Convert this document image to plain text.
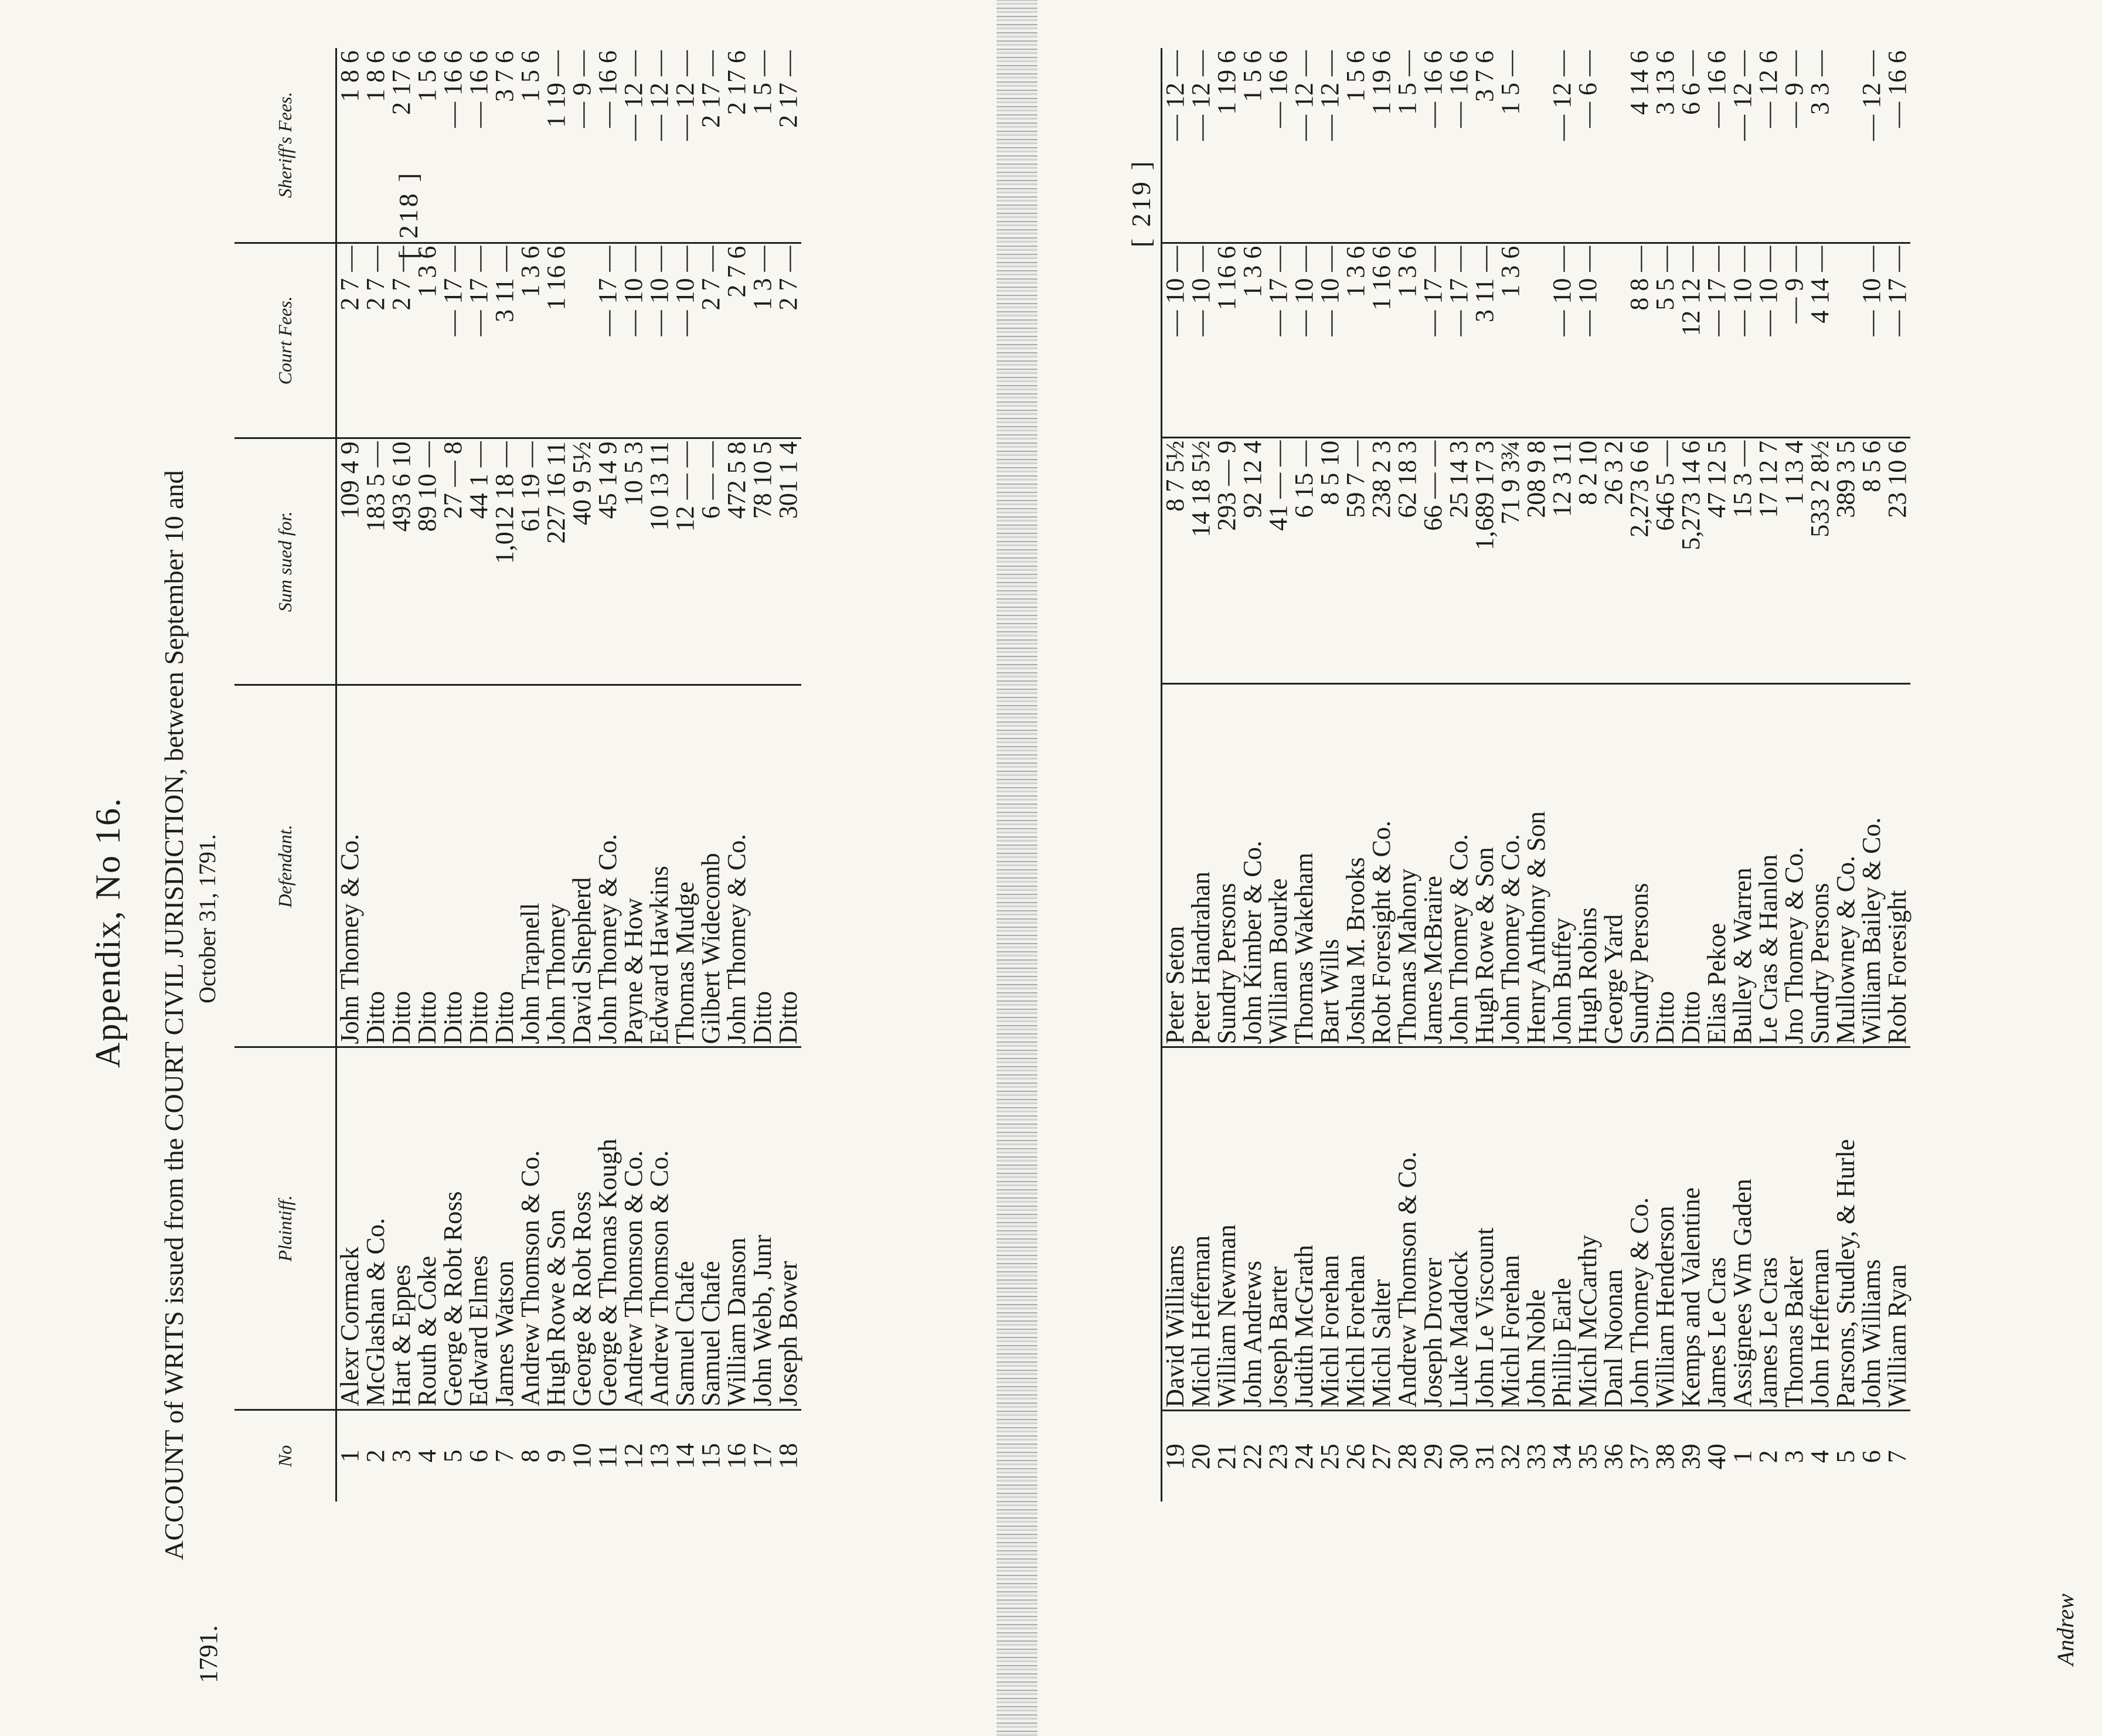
1791.
Appendix, No 16. ACCOUNT of WRITS issued from the COURT CIVIL JURISDICTION, between September 10 and October 31, 1791.
[ 218 ]
No	Plaintiff.	Defendant.	Sum sued for.	Court Fees.	Sheriff's Fees.
1	Alexr Cormack	John Thomey & Co.	109 4 9	2 7 —	1 8 6
2	McGlashan & Co.	Ditto	183 5 —	2 7 —	1 8 6
3	Hart & Eppes	Ditto	493 6 10	2 7 —	2 17 6
4	Routh & Coke	Ditto	89 10 —	1 3 6	1 5 6
5	George & Robt Ross	Ditto	27 — 8	— 17 —	— 16 6
6	Edward Elmes	Ditto	44 1 —	— 17 —	— 16 6
7	James Watson	Ditto	1,012 18 —	3 11 —	3 7 6
8	Andrew Thomson & Co.	John Trapnell	61 19 —	1 3 6	1 5 6
9	Hugh Rowe & Son	John Thomey	227 16 11	1 16 6	1 19 —
10	George & Robt Ross	David Shepherd	40 9 5½		— 9 —
11	George & Thomas Kough	John Thomey & Co.	45 14 9	— 17 —	— 16 6
12	Andrew Thomson & Co.	Payne & How	10 5 3	— 10 —	— 12 —
13	Andrew Thomson & Co.	Edward Hawkins	10 13 11	— 10 —	— 12 —
14	Samuel Chafe	Thomas Mudge	12 — —	— 10 —	— 12 —
15	Samuel Chafe	Gilbert Widecomb	6 — —	2 7 —	2 17 —
16	William Danson	John Thomey & Co.	472 5 8	2 7 6	2 17 6
17	John Webb, Junr	Ditto	78 10 5	1 3 —	1 5 —
18	Joseph Bower	Ditto	301 1 4	2 7 —	2 17 —
[ 219 ]
19	David Williams	Peter Seton	8 7 5½	— 10 —	— 12 —
20	Michl Heffernan	Peter Handrahan	14 18 5½	— 10 —	— 12 —
21	William Newman	Sundry Persons	293 — 9	1 16 6	1 19 6
22	John Andrews	John Kimber & Co.	92 12 4	1 3 6	1 5 6
23	Joseph Barter	William Bourke	41 — —	— 17 —	— 16 6
24	Judith McGrath	Thomas Wakeham	6 15 —	— 10 —	— 12 —
25	Michl Forehan	Bart Wills	8 5 10	— 10 —	— 12 —
26	Michl Forehan	Joshua M. Brooks	59 7 —	1 3 6	1 5 6
27	Michl Salter	Robt Foresight & Co.	238 2 3	1 16 6	1 19 6
28	Andrew Thomson & Co.	Thomas Mahony	62 18 3	1 3 6	1 5 —
29	Joseph Drover	James McBraire	66 — —	— 17 —	— 16 6
30	Luke Maddock	John Thomey & Co.	25 14 3	— 17 —	— 16 6
31	John Le Viscount	Hugh Rowe & Son	1,689 17 3	3 11 —	3 7 6
32	Michl Forehan	John Thomey & Co.	71 9 3¾	1 3 6	1 5 —
33	John Noble	Henry Anthony & Son	208 9 8		
34	Phillip Earle	John Buffey	12 3 11	— 10 —	— 12 —
35	Michl McCarthy	Hugh Robins	8 2 10	— 10 —	— 6 —
36	Danl Noonan	George Yard	26 3 2		
37	John Thomey & Co.	Sundry Persons	2,273 6 6	8 8 —	4 14 6
38	William Henderson	Ditto	646 5 —	5 5 —	3 13 6
39	Kemps and Valentine	Ditto	5,273 14 6	12 12 —	6 6 —
40	James Le Cras	Elias Pekoe	47 12 5	— 17 —	— 16 6
1	Assignees Wm Gaden	Bulley & Warren	15 3 —	— 10 —	— 12 —
2	James Le Cras	Le Cras & Hanlon	17 12 7	— 10 —	— 12 6
3	Thomas Baker	Jno Thomey & Co.	1 13 4	— 9 —	— 9 —
4	John Heffernan	Sundry Persons	533 2 8½	4 14 —	3 3 —
5	Parsons, Studley, & Hurle	Mullowney & Co.	389 3 5		
6	John Williams	William Bailey & Co.	8 5 6	— 10 —	— 12 —
7	William Ryan	Robt Foresight	23 10 6	— 17 —	— 16 6
Andrew
